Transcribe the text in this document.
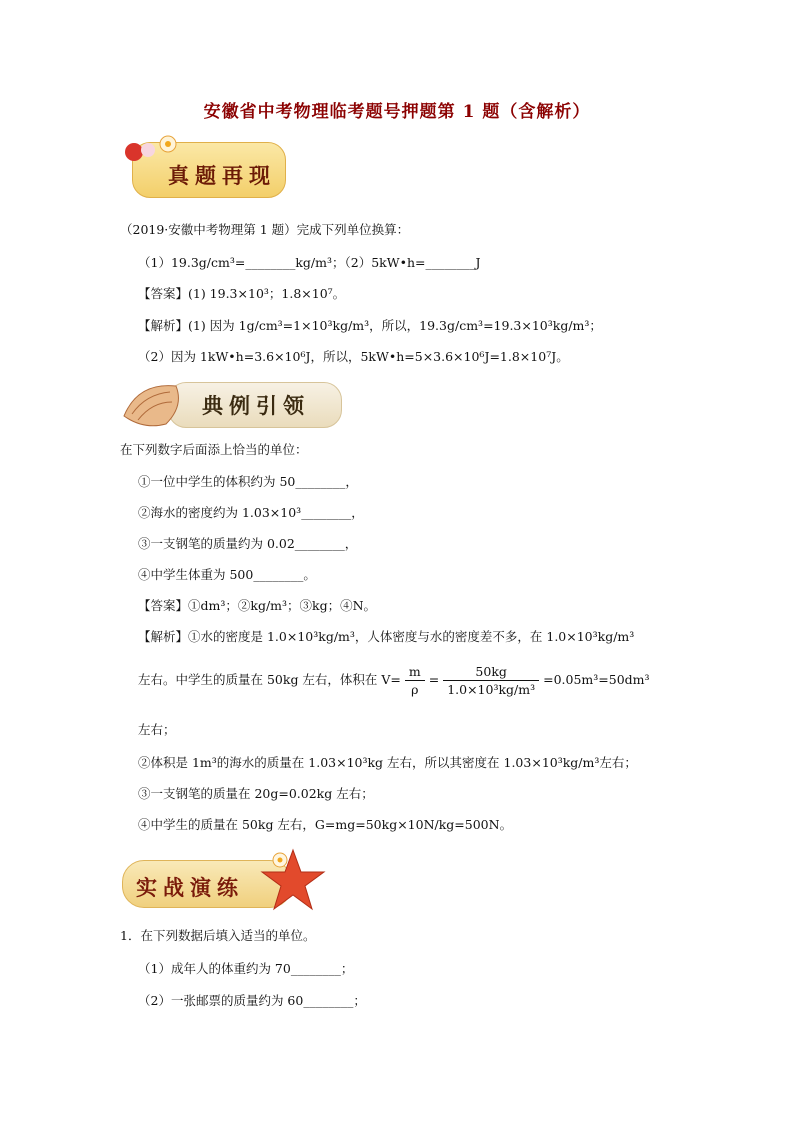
安徽省中考物理临考题号押题第 1 题（含解析）
真题再现
（2019·安徽中考物理第 1 题）完成下列单位换算：
（1）19.3g/cm³=________kg/m³；（2）5kW•h=________J
【答案】(1) 19.3×10³；1.8×10⁷。
【解析】(1) 因为 1g/cm³=1×10³kg/m³，所以，19.3g/cm³=19.3×10³kg/m³；
（2）因为 1kW•h=3.6×10⁶J，所以，5kW•h=5×3.6×10⁶J=1.8×10⁷J。
典例引领
在下列数字后面添上恰当的单位：
①一位中学生的体积约为 50________，
②海水的密度约为 1.03×10³________，
③一支钢笔的质量约为 0.02________，
④中学生体重为 500________。
【答案】①dm³；②kg/m³；③kg；④N。
【解析】①水的密度是 1.0×10³kg/m³，人体密度与水的密度差不多，在 1.0×10³kg/m³
左右。中学生的质量在 50kg 左右，体积在 $V= \frac{m}{\rho} = \frac{50kg}{\text{1.0×10³kg/m³}} =0.05m^3=50dm^3$
左右；
②体积是 1m³的海水的质量在 1.03×10³kg 左右，所以其密度在 1.03×10³kg/m³左右；
③一支钢笔的质量在 20g=0.02kg 左右；
④中学生的质量在 50kg 左右，G=mg=50kg×10N/kg=500N。
实战演练
1．在下列数据后填入适当的单位。
（1）成年人的体重约为 70________；
（2）一张邮票的质量约为 60________；
